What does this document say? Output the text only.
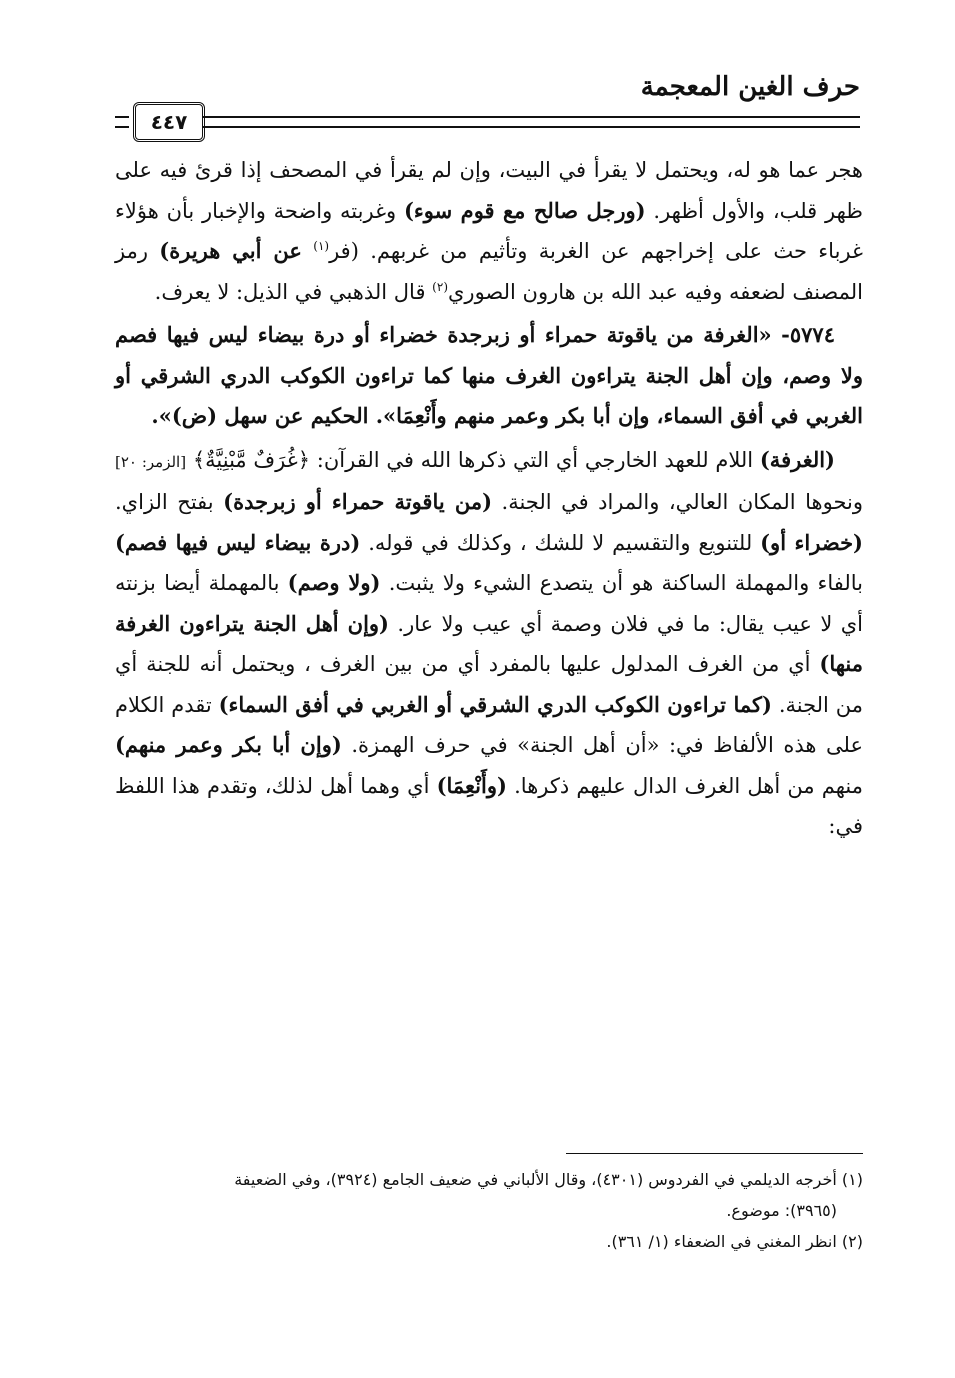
حرف الغين المعجمة
٤٤٧

هجر عما هو له، ويحتمل لا يقرأ في البيت، وإن لم يقرأ في المصحف إذا قرئ فيه على ظهر قلب، والأول أظهر. (ورجل صالح مع قوم سوء) وغربته واضحة والإخبار بأن هؤلاء غرباء حث على إخراجهم عن الغربة وتأثيم من غربهم. (فر$^{(١)}$ عن أبي هريرة) رمز المصنف لضعفه وفيه عبد الله بن هارون الصوري$^{(٢)}$ قال الذهبي في الذيل: لا يعرف.

٥٧٧٤- «الغرفة من ياقوتة حمراء أو زبرجدة خضراء أو درة بيضاء ليس فيها فصم ولا وصم، وإن أهل الجنة يتراءون الغرف منها كما تراءون الكوكب الدري الشرقي أو الغربي في أفق السماء، وإن أبا بكر وعمر منهم وأَنْعِمَا». الحكيم عن سهل (ض)».

(الغرفة) اللام للعهد الخارجي أي التي ذكرها الله في القرآن: ﴿غُرَفٌ مَّبْنِيَّةٌ﴾ [الزمر: ٢٠] ونحوها المكان العالي، والمراد في الجنة. (من ياقوتة حمراء أو زبرجدة) بفتح الزاي. (خضراء أو) للتنويع والتقسيم لا للشك ، وكذلك في قوله. (درة بيضاء ليس فيها فصم) بالفاء والمهملة الساكنة هو أن يتصدع الشيء ولا يثبت. (ولا وصم) بالمهملة أيضا بزنته أي لا عيب يقال: ما في فلان وصمة أي عيب ولا عار. (وإن أهل الجنة يتراءون الغرفة منها) أي من الغرف المدلول عليها بالمفرد أي من بين الغرف ، ويحتمل أنه للجنة أي من الجنة. (كما تراءون الكوكب الدري الشرقي أو الغربي في أفق السماء) تقدم الكلام على هذه الألفاظ في: «أن أهل الجنة» في حرف الهمزة. (وإن أبا بكر وعمر منهم) منهم من أهل الغرف الدال عليهم ذكرها. (وأَنْعِمَا) أي وهما أهل لذلك، وتقدم هذا اللفظ في:

(١) أخرجه الديلمي في الفردوس (٤٣٠١)، وقال الألباني في ضعيف الجامع (٣٩٢٤)، وفي الضعيفة

(٣٩٦٥): موضوع.

(٢) انظر المغني في الضعفاء (١/ ٣٦١).
